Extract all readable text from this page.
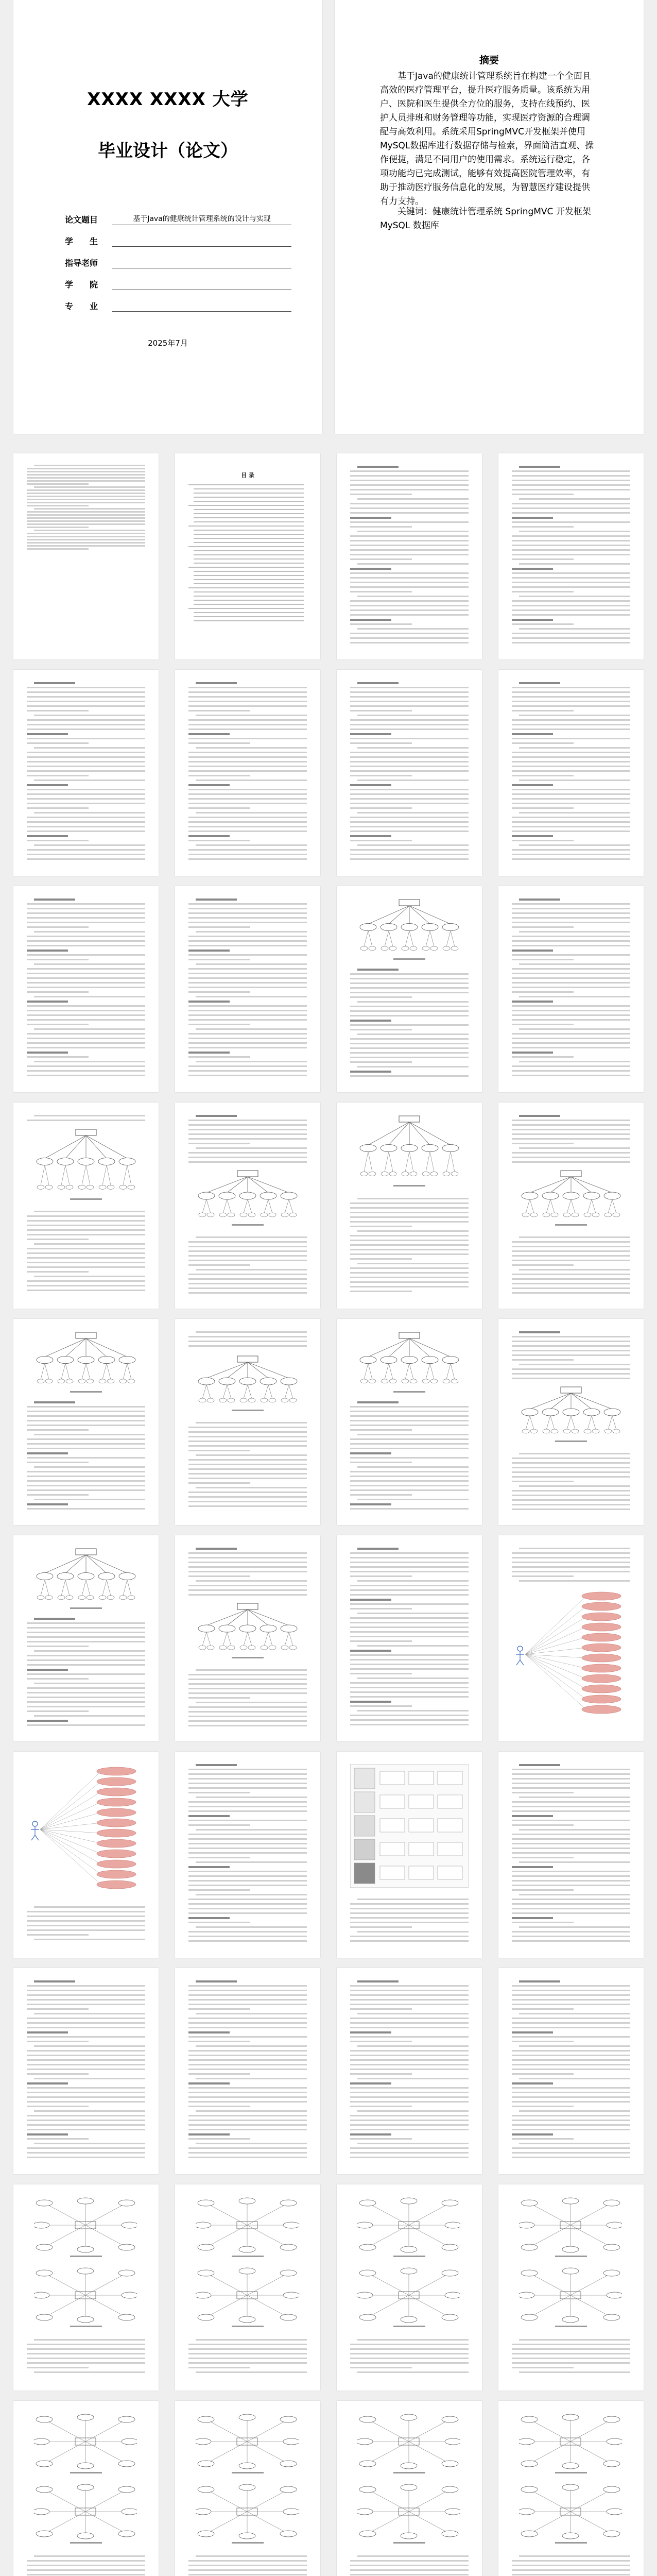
XXXX XXXX 大学
毕业设计（论文）
论文题目	基于Java的健康统计管理系统的设计与实现
学　　生
指导老师
学　　院
专　　业
2025年7月
摘要

基于Java的健康统计管理系统旨在构建一个全面且高效的医疗管理平台，提升医疗服务质量。该系统为用户、医院和医生提供全方位的服务，支持在线预约、医护人员排班和财务管理等功能，实现医疗资源的合理调配与高效利用。系统采用SpringMVC开发框架并使用MySQL数据库进行数据存储与检索，界面简洁直观、操作便捷，满足不同用户的使用需求。系统运行稳定，各项功能均已完成测试，能够有效提高医院管理效率，有助于推动医疗服务信息化的发展，为智慧医疗建设提供有力支持。

关键词：健康统计管理系统 SpringMVC 开发框架 MySQL 数据库

目 录
